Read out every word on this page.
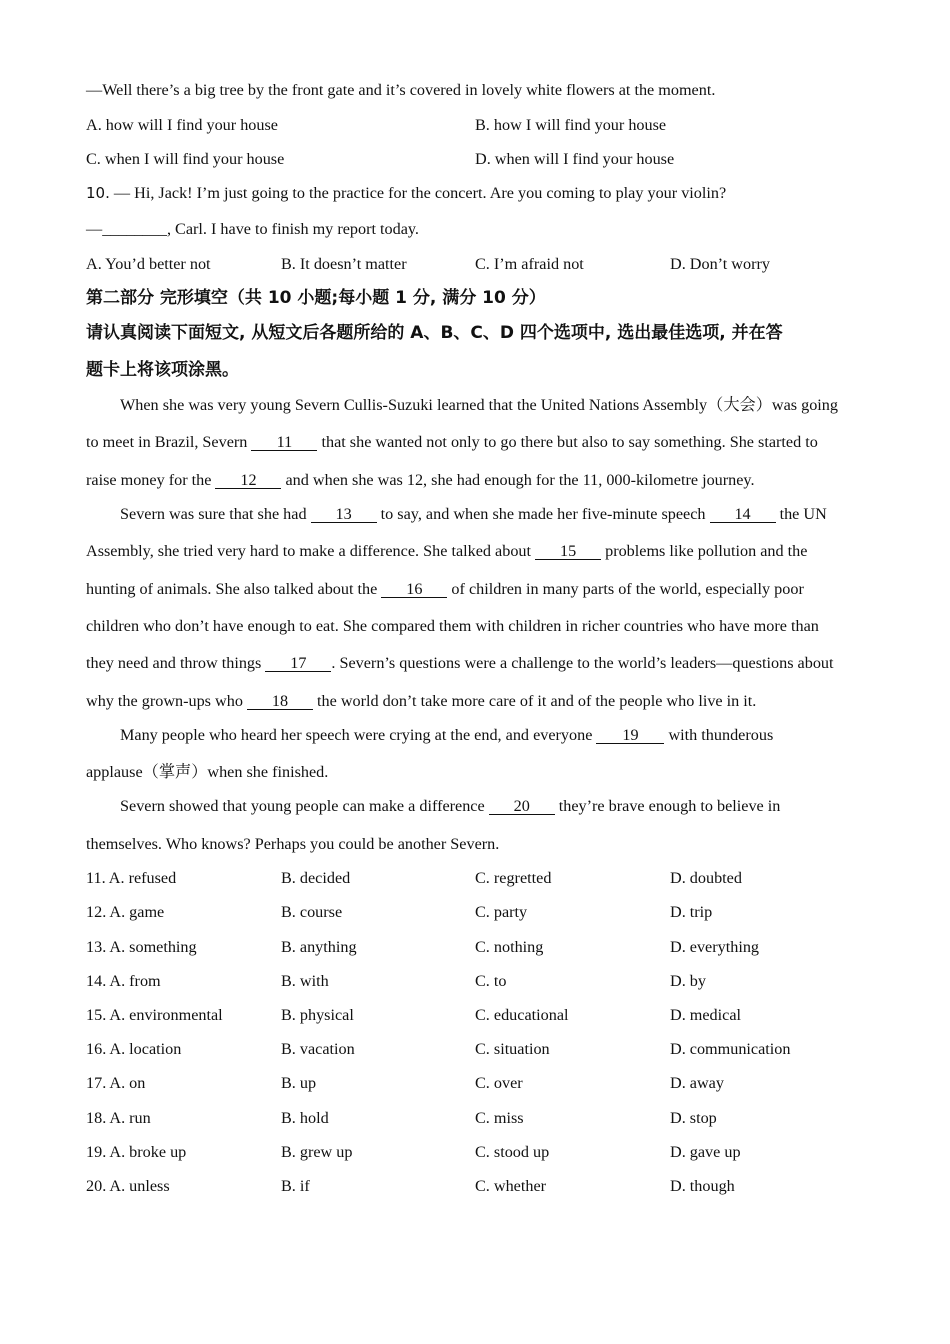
—Well there’s a big tree by the front gate and it’s covered in lovely white flowers at the moment.
A. how will I find your house	B. how I will find your house
C. when I will find your house	D. when will I find your house
10. — Hi, Jack! I’m just going to the practice for the concert. Are you coming to play your violin?
—________, Carl. I have to finish my report today.
A. You’d better not	B. It doesn’t matter	C. I’m afraid not	D. Don’t worry
第二部分 完形填空（共 10 小题;每小题 1 分, 满分 10 分）
请认真阅读下面短文, 从短文后各题所给的 A、B、C、D 四个选项中, 选出最佳选项, 并在答
题卡上将该项涂黑。
When she was very young Severn Cullis-Suzuki learned that the United Nations Assembly（大会）was going
to meet in Brazil, Severn 11 that she wanted not only to go there but also to say something. She started to
raise money for the 12 and when she was 12, she had enough for the 11, 000-kilometre journey.
Severn was sure that she had 13 to say, and when she made her five-minute speech 14 the UN
Assembly, she tried very hard to make a difference. She talked about 15 problems like pollution and the
hunting of animals. She also talked about the 16 of children in many parts of the world, especially poor
children who don’t have enough to eat. She compared them with children in richer countries who have more than
they need and throw things 17 . Severn’s questions were a challenge to the world’s leaders—questions about
why the grown-ups who 18 the world don’t take more care of it and of the people who live in it.
Many people who heard her speech were crying at the end, and everyone 19 with thunderous
applause（掌声）when she finished.
Severn showed that young people can make a difference 20 they’re brave enough to believe in
themselves. Who knows? Perhaps you could be another Severn.
11. A. refused	B. decided	C. regretted	D. doubted
12. A. game	B. course	C. party	D. trip
13. A. something	B. anything	C. nothing	D. everything
14. A. from	B. with	C. to	D. by
15. A. environmental	B. physical	C. educational	D. medical
16. A. location	B. vacation	C. situation	D. communication
17. A. on	B. up	C. over	D. away
18. A. run	B. hold	C. miss	D. stop
19. A. broke up	B. grew up	C. stood up	D. gave up
20. A. unless	B. if	C. whether	D. though
